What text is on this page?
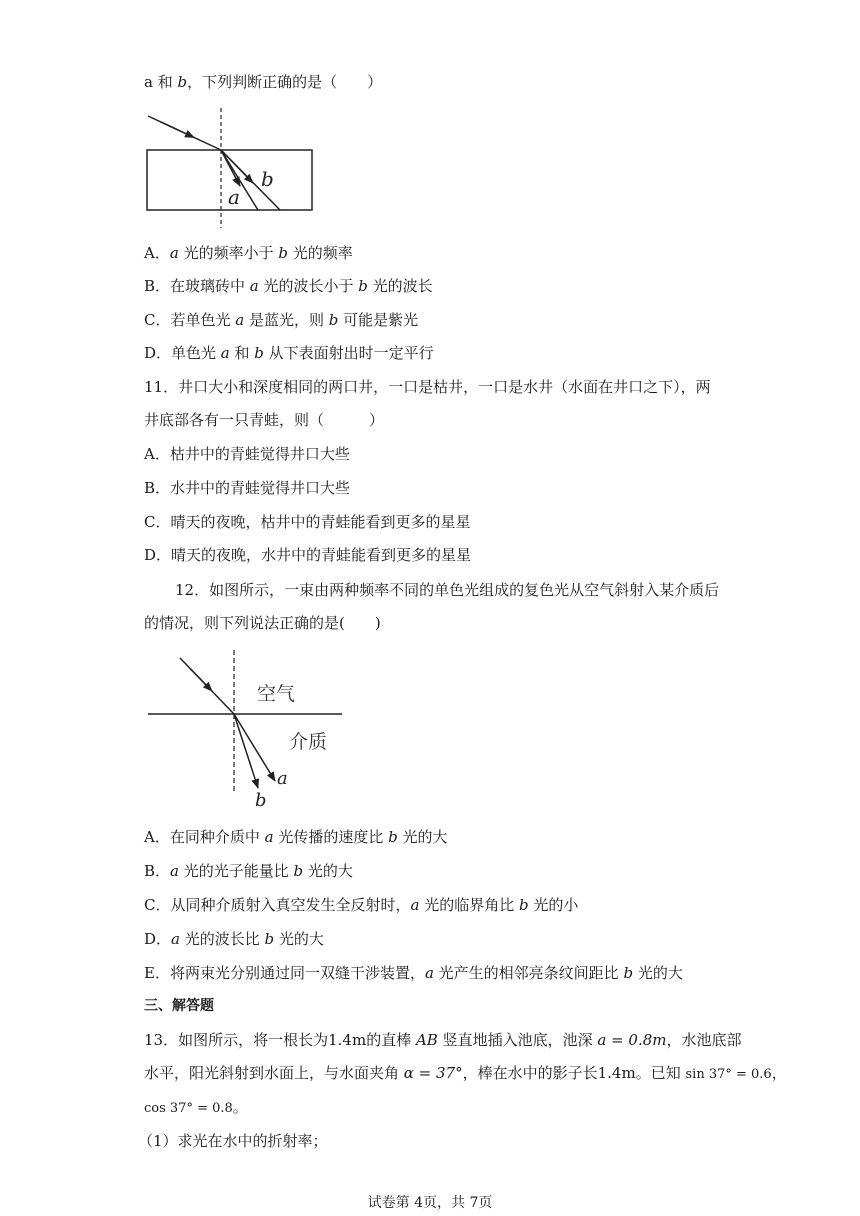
a 和 b，下列判断正确的是（　　）
a
b
A．a 光的频率小于 b 光的频率
B．在玻璃砖中 a 光的波长小于 b 光的波长
C．若单色光 a 是蓝光，则 b 可能是紫光
D．单色光 a 和 b 从下表面射出时一定平行
11．井口大小和深度相同的两口井，一口是枯井，一口是水井（水面在井口之下），两
井底部各有一只青蛙，则（　　　）
A．枯井中的青蛙觉得井口大些
B．水井中的青蛙觉得井口大些
C．晴天的夜晚，枯井中的青蛙能看到更多的星星
D．晴天的夜晚，水井中的青蛙能看到更多的星星
12．如图所示，一束由两种频率不同的单色光组成的复色光从空气斜射入某介质后
的情况，则下列说法正确的是(　　)
空气
介质
a
b
A．在同种介质中 a 光传播的速度比 b 光的大
B．a 光的光子能量比 b 光的大
C．从同种介质射入真空发生全反射时，a 光的临界角比 b 光的小
D．a 光的波长比 b 光的大
E．将两束光分别通过同一双缝干涉装置，a 光产生的相邻亮条纹间距比 b 光的大
三、解答题
13．如图所示，将一根长为1.4m的直棒 AB 竖直地插入池底，池深 a = 0.8m，水池底部
水平，阳光斜射到水面上，与水面夹角 α = 37°，棒在水中的影子长1.4m。已知 sin 37° = 0.6，
cos 37° = 0.8。
（1）求光在水中的折射率；
试卷第 4页，共 7页
